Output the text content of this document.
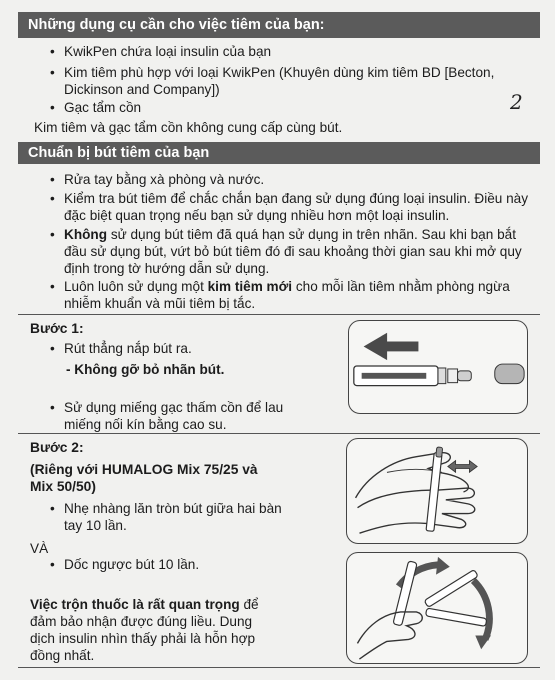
Những dụng cụ cần cho việc tiêm của bạn:
• KwikPen chứa loại insulin của bạn
• Kim tiêm phù hợp với loại KwikPen (Khuyên dùng kim tiêm BD [Becton, Dickinson and Company])
• Gạc tẩm cồn
Kim tiêm và gạc tẩm cồn không cung cấp cùng bút.
2
Chuẩn bị bút tiêm của bạn
• Rửa tay bằng xà phòng và nước.
• Kiểm tra bút tiêm để chắc chắn bạn đang sử dụng đúng loại insulin. Điều này đặc biệt quan trọng nếu bạn sử dụng nhiều hơn một loại insulin.
• Không sử dụng bút tiêm đã quá hạn sử dụng in trên nhãn. Sau khi bạn bắt đầu sử dụng bút, vứt bỏ bút tiêm đó đi sau khoảng thời gian sau khi mở quy định trong tờ hướng dẫn sử dụng.
• Luôn luôn sử dụng một kim tiêm mới cho mỗi lần tiêm nhằm phòng ngừa nhiễm khuẩn và mũi tiêm bị tắc.
Bước 1:
• Rút thẳng nắp bút ra.
- Không gỡ bỏ nhãn bút.
• Sử dụng miếng gạc thấm cồn để lau miếng nối kín bằng cao su.
Bước 2:
(Riêng với HUMALOG Mix 75/25 và Mix 50/50)
• Nhẹ nhàng lăn tròn bút giữa hai bàn tay 10 lần.
VÀ
• Dốc ngược bút 10 lần.
Việc trộn thuốc là rất quan trọng để đảm bảo nhận được đúng liều. Dung dịch insulin nhìn thấy phải là hỗn hợp đồng nhất.
